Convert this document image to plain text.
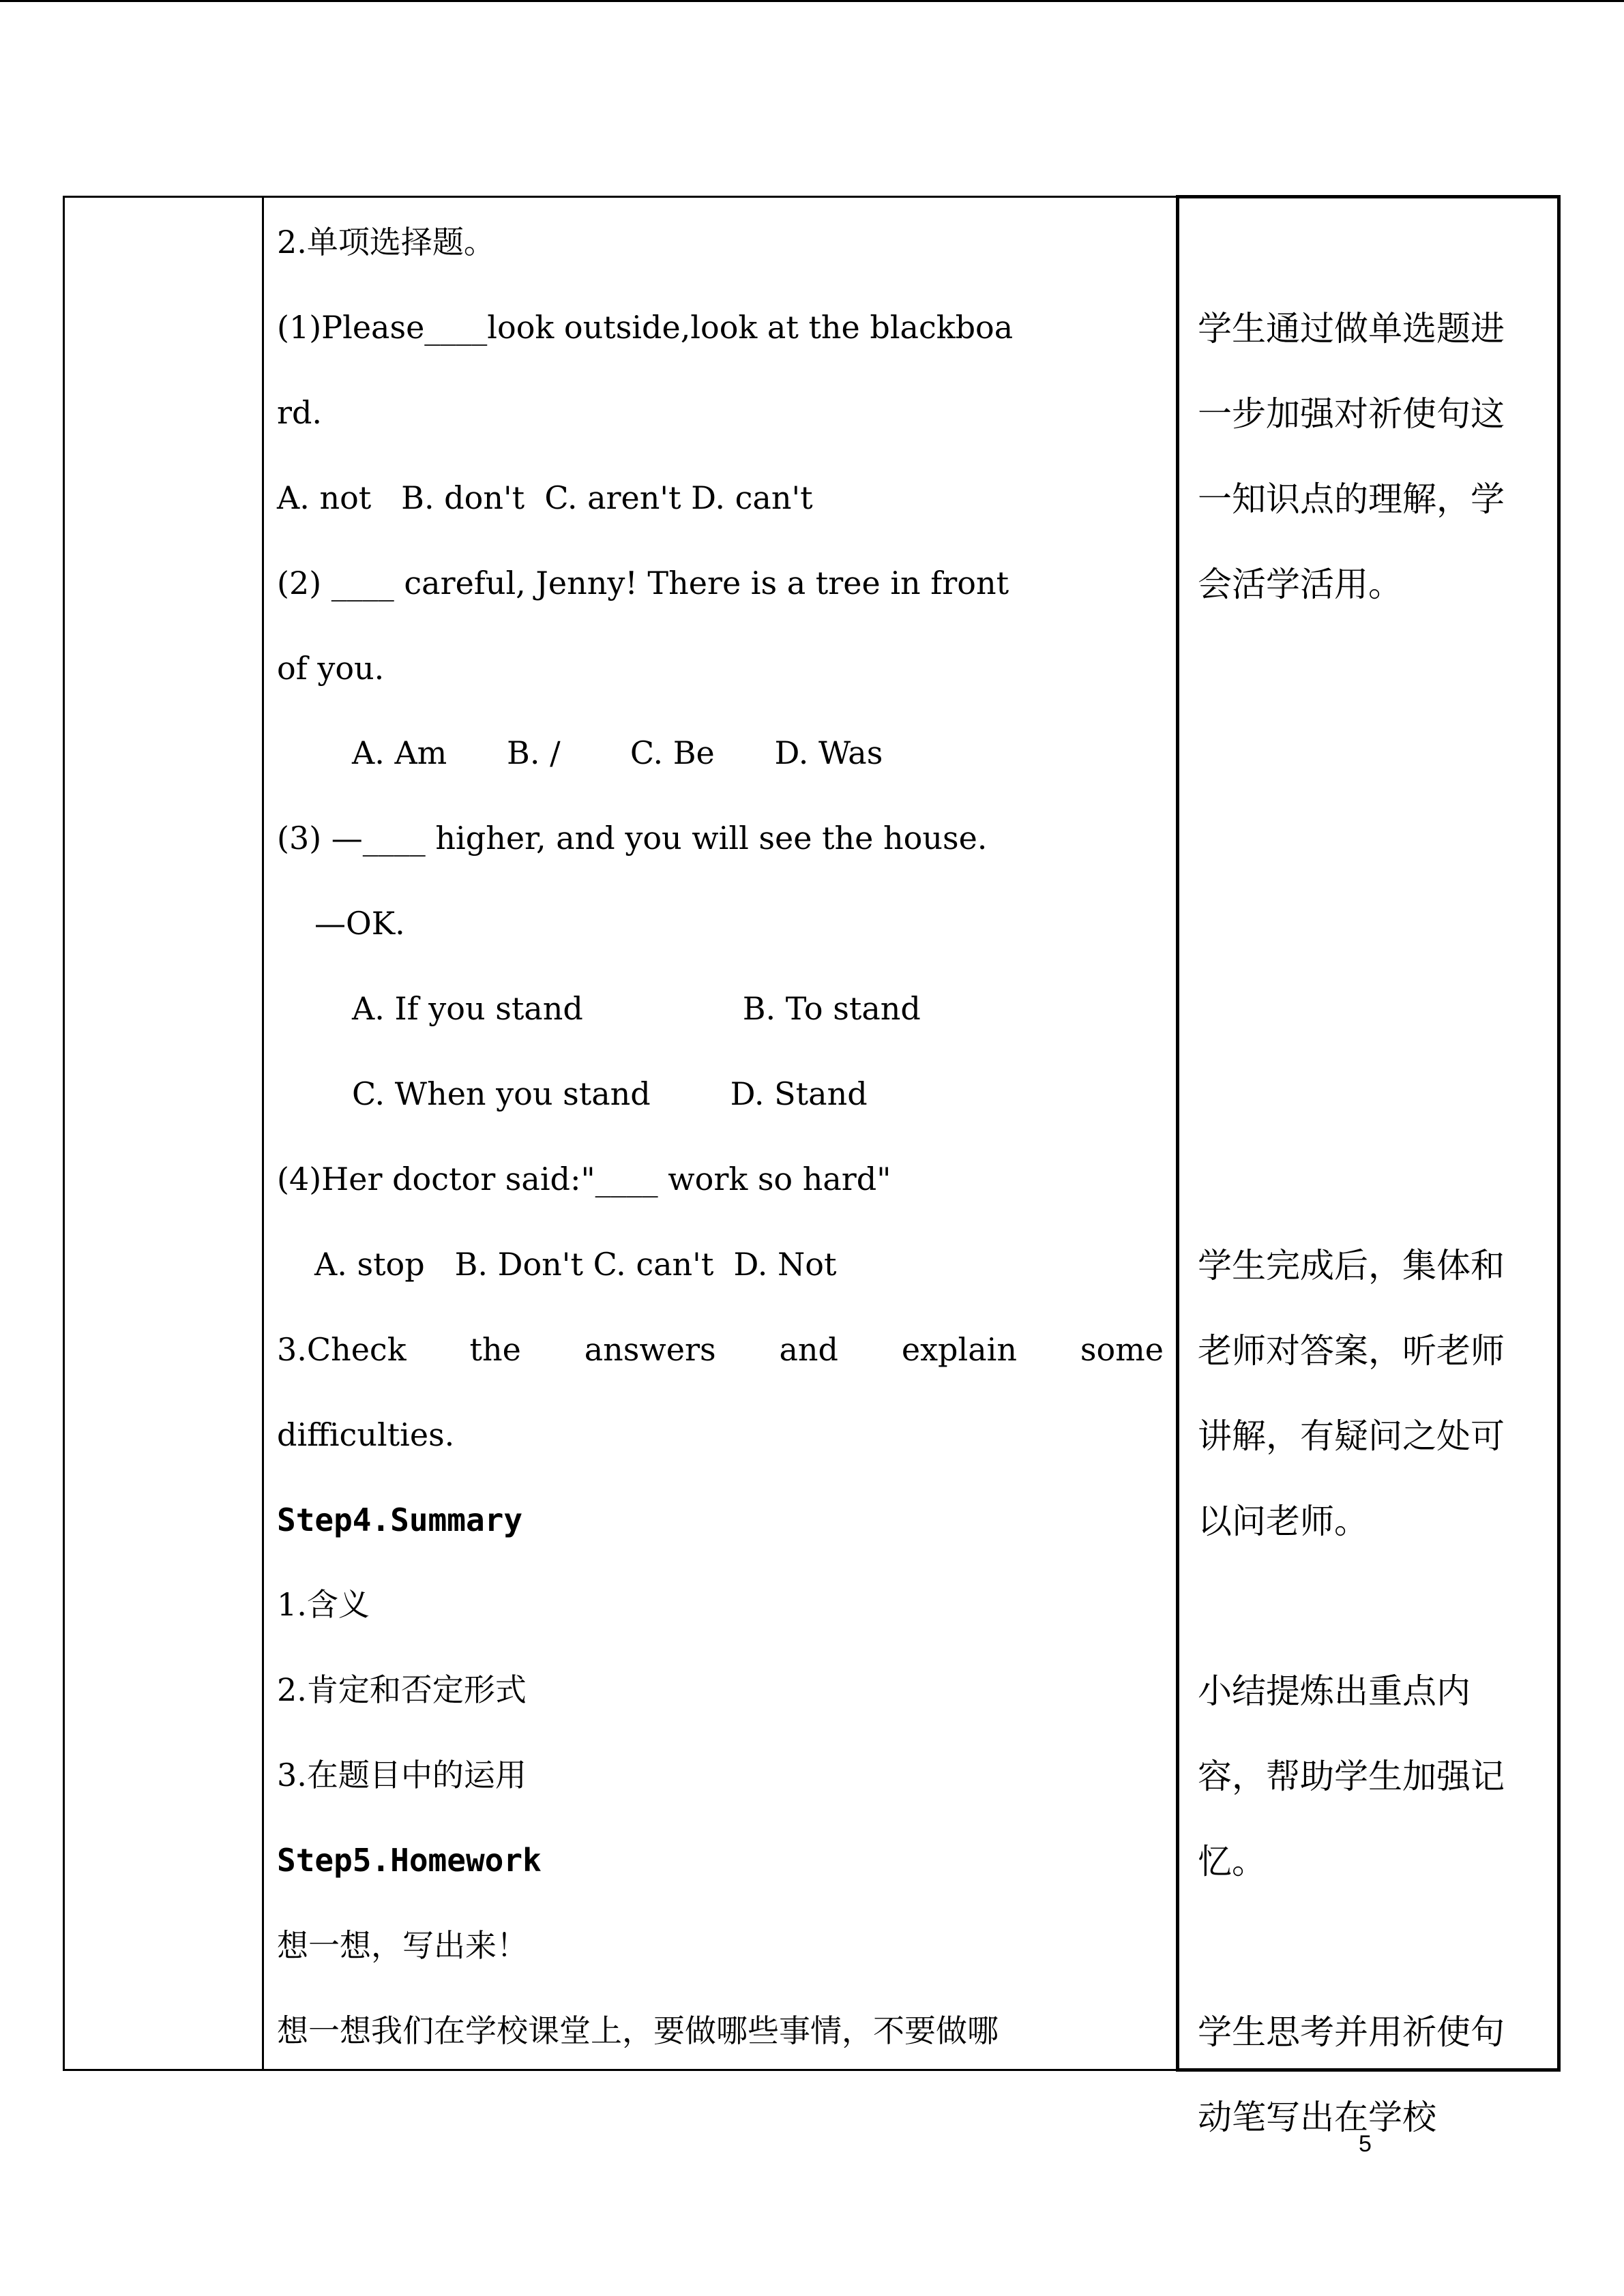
2.单项选择题。
(1)Please____look outside,look at the blackboa
rd.
A. not   B. don't  C. aren't D. can't
(2) ____ careful, Jenny! There is a tree in front
of you.
A. Am      B. /       C. Be      D. Was
(3) —____ higher, and you will see the house.
—OK.
A. If you stand                B. To stand
C. When you stand        D. Stand
(4)Her doctor said:"____ work so hard"
A. stop   B. Don't C. can't  D. Not
3.Check the answers and explain some
difficulties.
Step4.Summary
1.含义
2.肯定和否定形式
3.在题目中的运用
Step5.Homework
想一想，写出来！
想一想我们在学校课堂上，要做哪些事情，不要做哪
学生通过做单选题进一步加强对祈使句这一知识点的理解，学会活学活用。
学生完成后，集体和老师对答案，听老师讲解，有疑问之处可以问老师。
小结提炼出重点内容，帮助学生加强记忆。
学生思考并用祈使句动笔写出在学校
5
